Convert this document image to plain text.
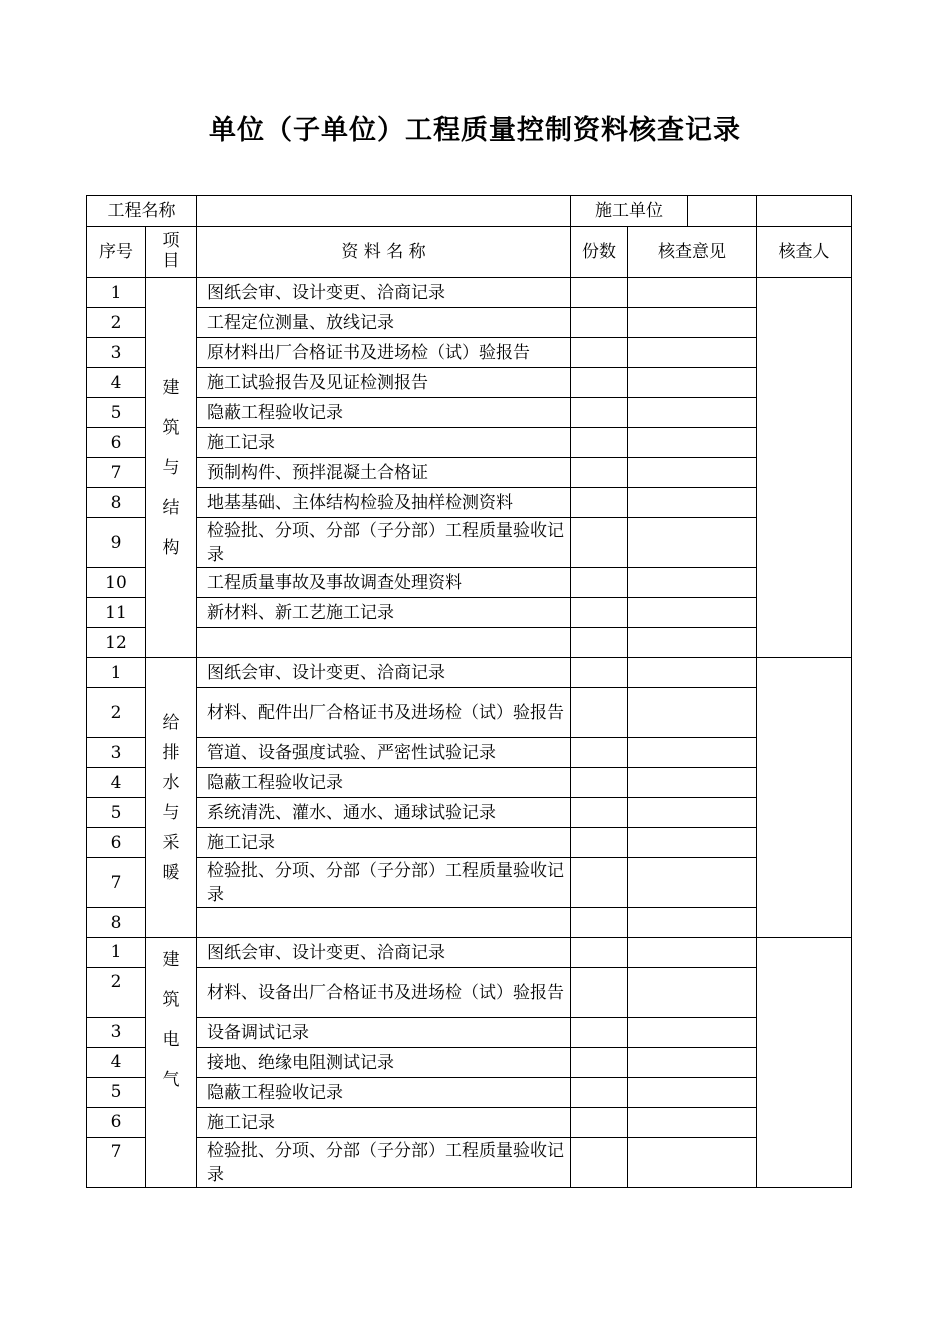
单位（子单位）工程质量控制资料核查记录
工程名称			施工单位		

序号	项目	资 料 名 称	份数	核查意见	核查人
1	建筑与结构	图纸会审、设计变更、洽商记录			
2		工程定位测量、放线记录			
3		原材料出厂合格证书及进场检（试）验报告			
4		施工试验报告及见证检测报告			
5		隐蔽工程验收记录			
6		施工记录			
7		预制构件、预拌混凝土合格证			
8		地基基础、主体结构检验及抽样检测资料			
9		检验批、分项、分部（子分部）工程质量验收记录			
10		工程质量事故及事故调查处理资料			
11		新材料、新工艺施工记录			
12					
1	给排水与采暖	图纸会审、设计变更、洽商记录			
2		材料、配件出厂合格证书及进场检（试）验报告			
3		管道、设备强度试验、严密性试验记录			
4		隐蔽工程验收记录			
5		系统清洗、灌水、通水、通球试验记录			
6		施工记录			
7		检验批、分项、分部（子分部）工程质量验收记录			
8					
1	建筑电气	图纸会审、设计变更、洽商记录			
2		材料、设备出厂合格证书及进场检（试）验报告			
3		设备调试记录			
4		接地、绝缘电阻测试记录			
5		隐蔽工程验收记录			
6		施工记录			
7		检验批、分项、分部（子分部）工程质量验收记录			
